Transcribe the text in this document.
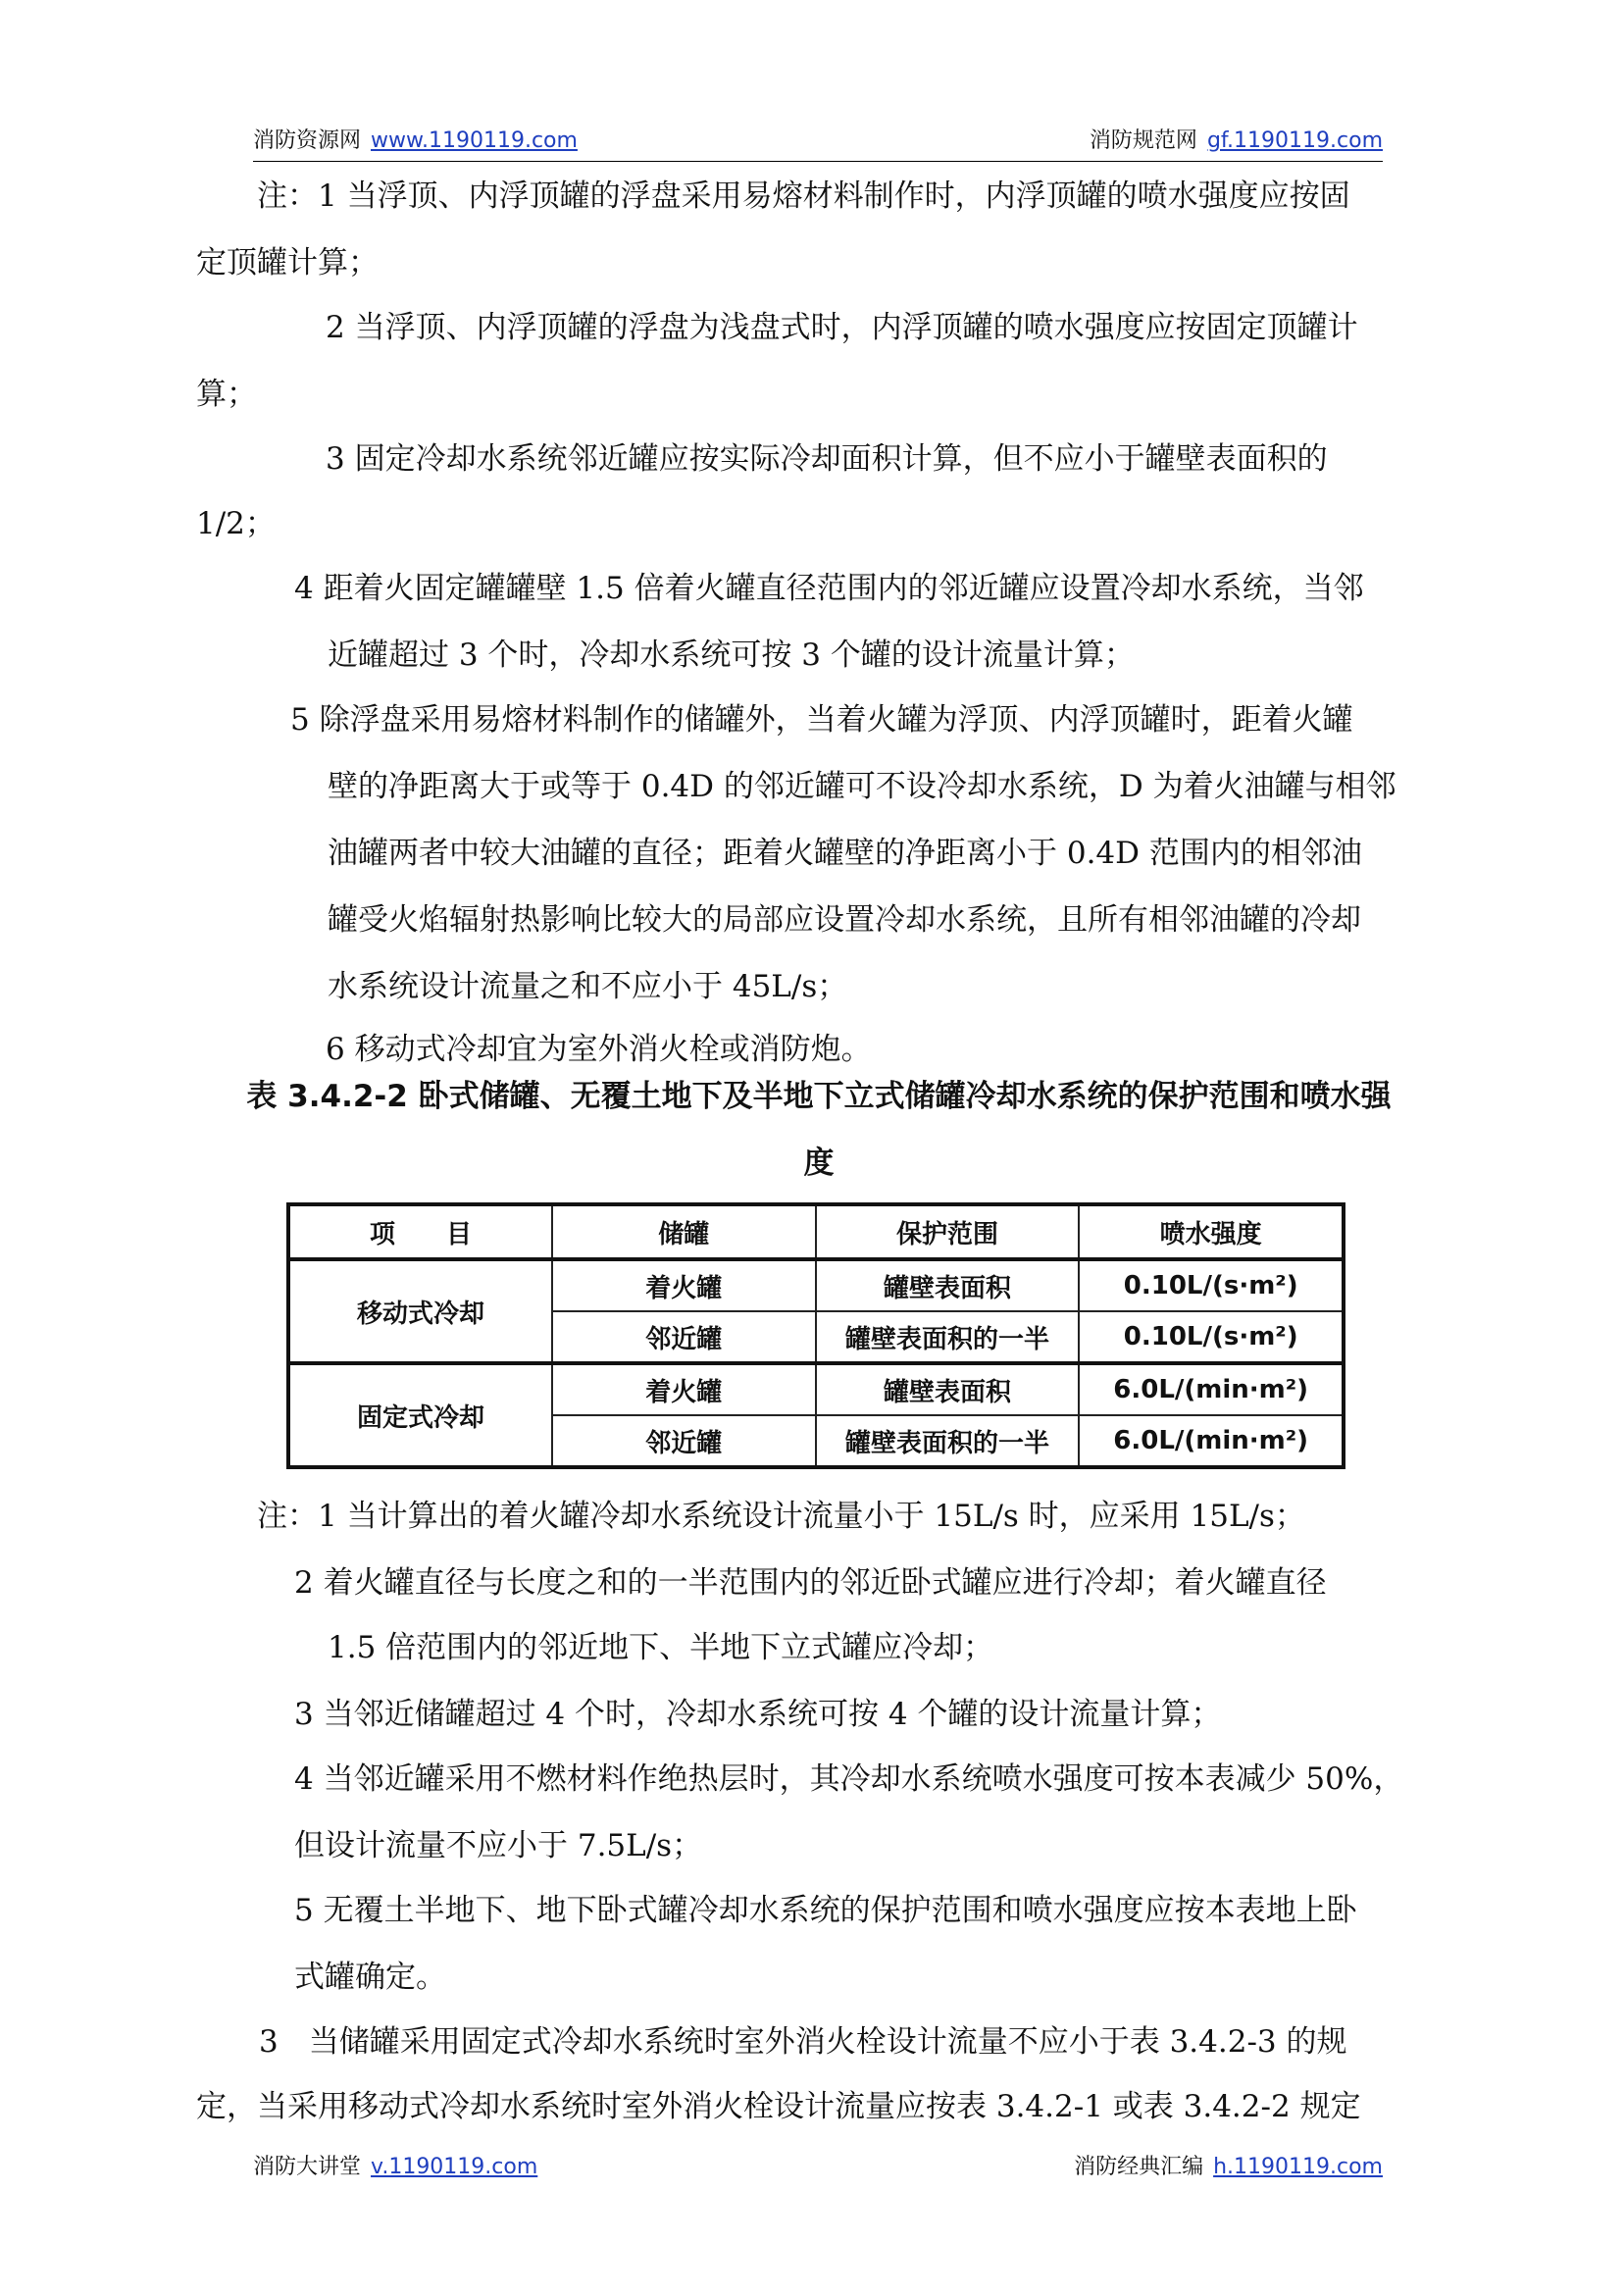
消防资源网 www.1190119.com	消防规范网 gf.1190119.com
注：1 当浮顶、内浮顶罐的浮盘采用易熔材料制作时，内浮顶罐的喷水强度应按固
定顶罐计算；
2 当浮顶、内浮顶罐的浮盘为浅盘式时，内浮顶罐的喷水强度应按固定顶罐计
算；
3 固定冷却水系统邻近罐应按实际冷却面积计算，但不应小于罐壁表面积的
1/2；
4 距着火固定罐罐壁 1.5 倍着火罐直径范围内的邻近罐应设置冷却水系统，当邻
近罐超过 3 个时，冷却水系统可按 3 个罐的设计流量计算；
5 除浮盘采用易熔材料制作的储罐外，当着火罐为浮顶、内浮顶罐时，距着火罐
壁的净距离大于或等于 0.4D 的邻近罐可不设冷却水系统，D 为着火油罐与相邻
油罐两者中较大油罐的直径；距着火罐壁的净距离小于 0.4D 范围内的相邻油
罐受火焰辐射热影响比较大的局部应设置冷却水系统，且所有相邻油罐的冷却
水系统设计流量之和不应小于 45L/s；
6 移动式冷却宜为室外消火栓或消防炮。
表 3.4.2-2 卧式储罐、无覆土地下及半地下立式储罐冷却水系统的保护范围和喷水强
度
项　　目	储罐	保护范围	喷水强度
移动式冷却	着火罐	罐壁表面积	0.10L/(s·m²)
	邻近罐	罐壁表面积的一半	0.10L/(s·m²)
固定式冷却	着火罐	罐壁表面积	6.0L/(min·m²)
	邻近罐	罐壁表面积的一半	6.0L/(min·m²)
注：1 当计算出的着火罐冷却水系统设计流量小于 15L/s 时，应采用 15L/s；
2 着火罐直径与长度之和的一半范围内的邻近卧式罐应进行冷却；着火罐直径
1.5 倍范围内的邻近地下、半地下立式罐应冷却；
3 当邻近储罐超过 4 个时，冷却水系统可按 4 个罐的设计流量计算；
4 当邻近罐采用不燃材料作绝热层时，其冷却水系统喷水强度可按本表减少 50%，
但设计流量不应小于 7.5L/s；
5 无覆土半地下、地下卧式罐冷却水系统的保护范围和喷水强度应按本表地上卧
式罐确定。
3　当储罐采用固定式冷却水系统时室外消火栓设计流量不应小于表 3.4.2-3 的规
定，当采用移动式冷却水系统时室外消火栓设计流量应按表 3.4.2-1 或表 3.4.2-2 规定
消防大讲堂 v.1190119.com	消防经典汇编 h.1190119.com
